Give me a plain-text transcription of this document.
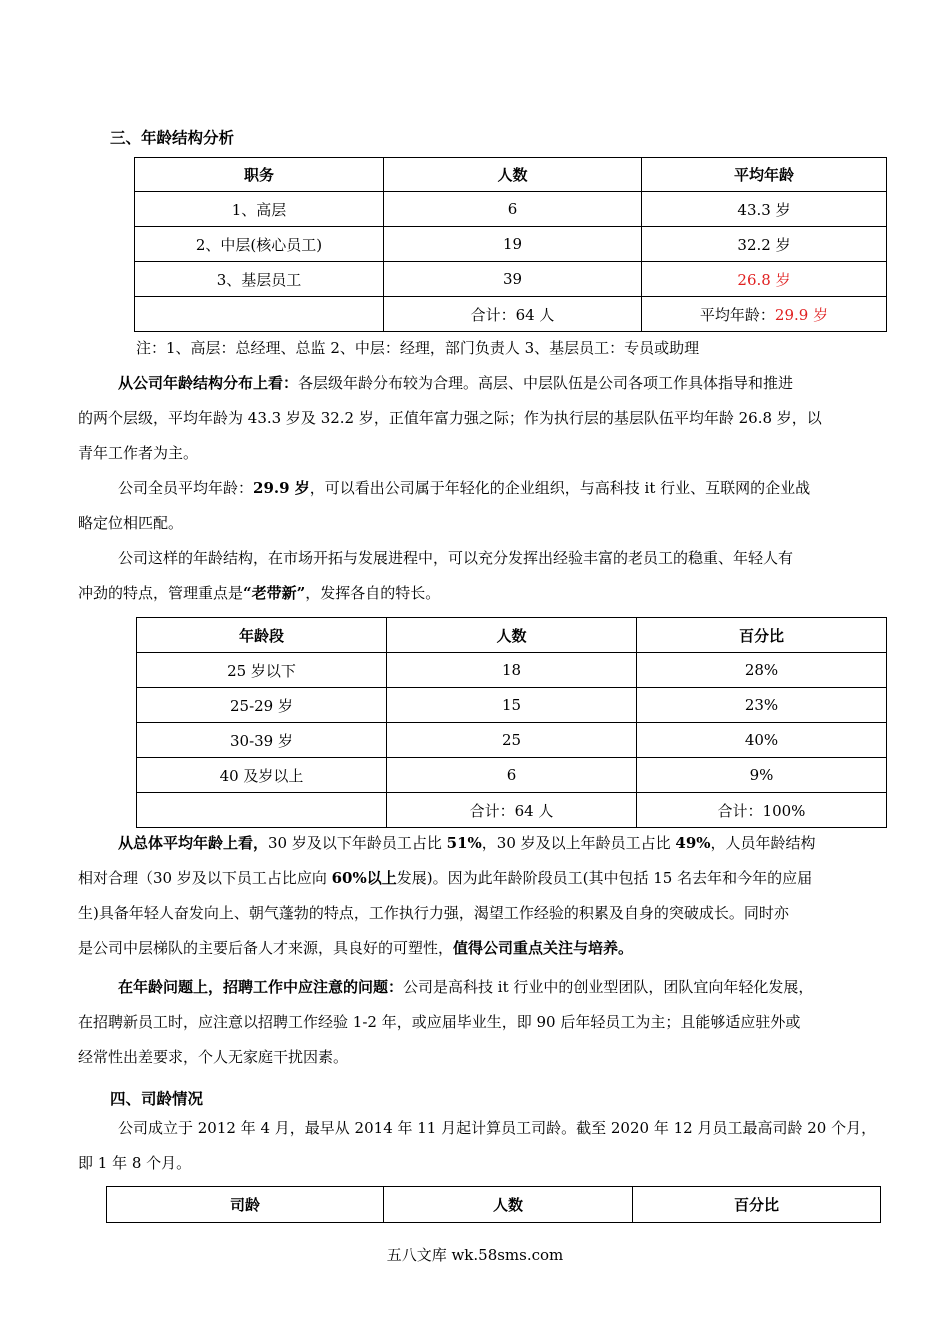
三、年龄结构分析
职务	人数	平均年龄
1、高层	6	43.3 岁
2、中层(核心员工)	19	32.2 岁
3、基层员工	39	26.8 岁
	合计：64 人	平均年龄：29.9 岁
注：1、高层：总经理、总监 2、中层：经理，部门负责人 3、基层员工：专员或助理
从公司年龄结构分布上看：各层级年龄分布较为合理。高层、中层队伍是公司各项工作具体指导和推进
的两个层级，平均年龄为 43.3 岁及 32.2 岁，正值年富力强之际；作为执行层的基层队伍平均年龄 26.8 岁，以
青年工作者为主。
公司全员平均年龄：29.9 岁，可以看出公司属于年轻化的企业组织，与高科技 it 行业、互联网的企业战
略定位相匹配。
公司这样的年龄结构，在市场开拓与发展进程中，可以充分发挥出经验丰富的老员工的稳重、年轻人有
冲劲的特点，管理重点是“老带新”，发挥各自的特长。
年龄段	人数	百分比
25 岁以下	18	28%
25-29 岁	15	23%
30-39 岁	25	40%
40 及岁以上	6	9%
	合计：64 人	合计：100%
从总体平均年龄上看，30 岁及以下年龄员工占比 51%，30 岁及以上年龄员工占比 49%，人员年龄结构
相对合理（30 岁及以下员工占比应向 60%以上发展)。因为此年龄阶段员工(其中包括 15 名去年和今年的应届
生)具备年轻人奋发向上、朝气蓬勃的特点，工作执行力强，渴望工作经验的积累及自身的突破成长。同时亦
是公司中层梯队的主要后备人才来源，具良好的可塑性，值得公司重点关注与培养。
在年龄问题上，招聘工作中应注意的问题：公司是高科技 it 行业中的创业型团队，团队宜向年轻化发展，
在招聘新员工时，应注意以招聘工作经验 1-2 年，或应届毕业生，即 90 后年轻员工为主；且能够适应驻外或
经常性出差要求，个人无家庭干扰因素。
四、司龄情况
公司成立于 2012 年 4 月，最早从 2014 年 11 月起计算员工司龄。截至 2020 年 12 月员工最高司龄 20 个月，
即 1 年 8 个月。
司龄	人数	百分比
五八文库 wk.58sms.com
